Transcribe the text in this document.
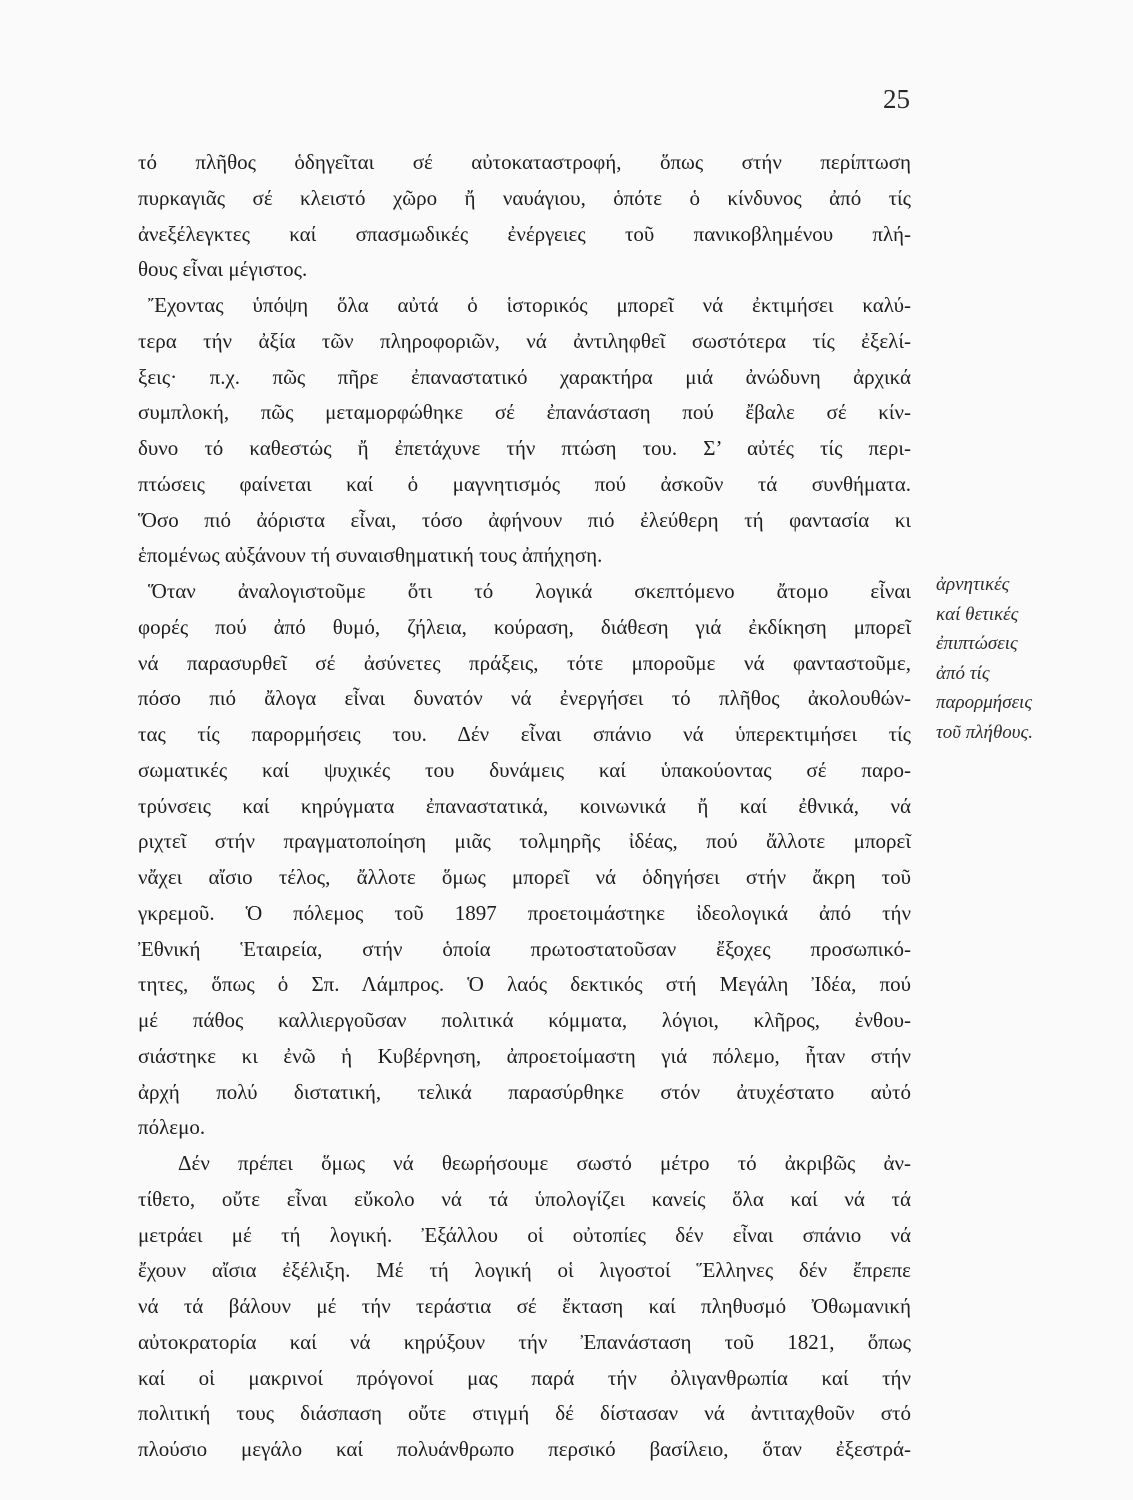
25
τό πλῆθος ὁδηγεῖται σέ αὐτοκαταστροφή, ὅπως στήν περίπτωση
πυρκαγιᾶς σέ κλειστό χῶρο ἤ ναυάγιου, ὁπότε ὁ κίνδυνος ἀπό τίς
ἀνεξέλεγκτες καί σπασμωδικές ἐνέργειες τοῦ πανικοβλημένου πλή-
θους εἶναι μέγιστος.
Ἔχοντας ὑπόψη ὅλα αὐτά ὁ ἱστορικός μπορεῖ νά ἐκτιμήσει καλύ-
τερα τήν ἀξία τῶν πληροφοριῶν, νά ἀντιληφθεῖ σωστότερα τίς ἐξελί-
ξεις· π.χ. πῶς πῆρε ἐπαναστατικό χαρακτήρα μιά ἀνώδυνη ἀρχικά
συμπλοκή, πῶς μεταμορφώθηκε σέ ἐπανάσταση πού ἔβαλε σέ κίν-
δυνο τό καθεστώς ἤ ἐπετάχυνε τήν πτώση του. Σ’ αὐτές τίς περι-
πτώσεις φαίνεται καί ὁ μαγνητισμός πού ἀσκοῦν τά συνθήματα.
Ὅσο πιό ἀόριστα εἶναι, τόσο ἀφήνουν πιό ἐλεύθερη τή φαντασία κι
ἑπομένως αὐξάνουν τή συναισθηματική τους ἀπήχηση.
Ὅταν ἀναλογιστοῦμε ὅτι τό λογικά σκεπτόμενο ἄτομο εἶναι
φορές πού ἀπό θυμό, ζήλεια, κούραση, διάθεση γιά ἐκδίκηση μπορεῖ
νά παρασυρθεῖ σέ ἀσύνετες πράξεις, τότε μποροῦμε νά φανταστοῦμε,
πόσο πιό ἄλογα εἶναι δυνατόν νά ἐνεργήσει τό πλῆθος ἀκολουθών-
τας τίς παρορμήσεις του. Δέν εἶναι σπάνιο νά ὑπερεκτιμήσει τίς
σωματικές καί ψυχικές του δυνάμεις καί ὑπακούοντας σέ παρο-
τρύνσεις καί κηρύγματα ἐπαναστατικά, κοινωνικά ἤ καί ἐθνικά, νά
ριχτεῖ στήν πραγματοποίηση μιᾶς τολμηρῆς ἰδέας, πού ἄλλοτε μπορεῖ
νἄχει αἴσιο τέλος, ἄλλοτε ὅμως μπορεῖ νά ὁδηγήσει στήν ἄκρη τοῦ
γκρεμοῦ. Ὁ πόλεμος τοῦ 1897 προετοιμάστηκε ἰδεολογικά ἀπό τήν
Ἐθνική Ἑταιρεία, στήν ὁποία πρωτοστατοῦσαν ἔξοχες προσωπικό-
τητες, ὅπως ὁ Σπ. Λάμπρος. Ὁ λαός δεκτικός στή Μεγάλη Ἰδέα, πού
μέ πάθος καλλιεργοῦσαν πολιτικά κόμματα, λόγιοι, κλῆρος, ἐνθου-
σιάστηκε κι ἐνῶ ἡ Κυβέρνηση, ἀπροετοίμαστη γιά πόλεμο, ἦταν στήν
ἀρχή πολύ διστατική, τελικά παρασύρθηκε στόν ἀτυχέστατο αὐτό
πόλεμο.
Δέν πρέπει ὅμως νά θεωρήσουμε σωστό μέτρο τό ἀκριβῶς ἀν-
τίθετο, οὔτε εἶναι εὔκολο νά τά ὑπολογίζει κανείς ὅλα καί νά τά
μετράει μέ τή λογική. Ἐξάλλου οἱ οὐτοπίες δέν εἶναι σπάνιο νά
ἔχουν αἴσια ἐξέλιξη. Μέ τή λογική οἱ λιγοστοί Ἕλληνες δέν ἔπρεπε
νά τά βάλουν μέ τήν τεράστια σέ ἔκταση καί πληθυσμό Ὀθωμανική
αὐτοκρατορία καί νά κηρύξουν τήν Ἐπανάσταση τοῦ 1821, ὅπως
καί οἱ μακρινοί πρόγονοί μας παρά τήν ὀλιγανθρωπία καί τήν
πολιτική τους διάσπαση οὔτε στιγμή δέ δίστασαν νά ἀντιταχθοῦν στό
πλούσιο μεγάλο καί πολυάνθρωπο περσικό βασίλειο, ὅταν ἐξεστρά-
ἀρνητικές
καί θετικές
ἐπιπτώσεις
ἀπό τίς
παρορμήσεις
τοῦ πλήθους.
